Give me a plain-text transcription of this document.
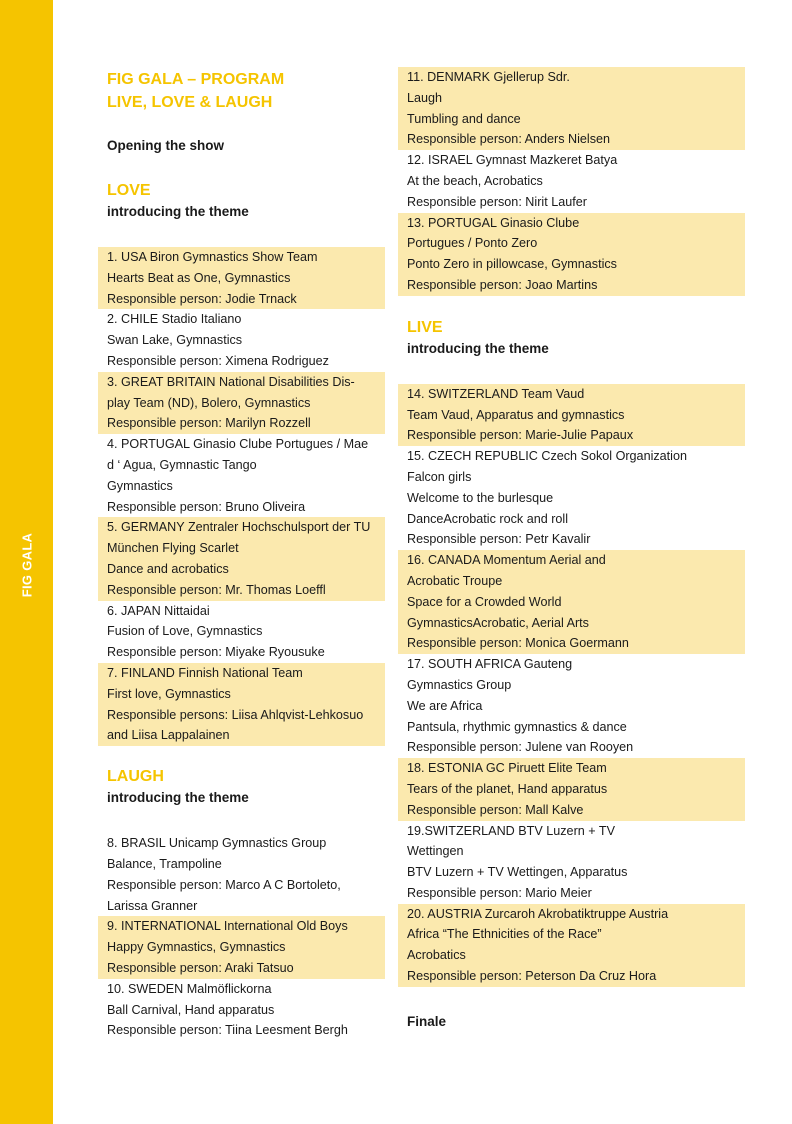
FIG GALA
FIG GALA – PROGRAM
LIVE, LOVE & LAUGH
Opening the show
LOVE
introducing the theme
1. USA Biron Gymnastics Show Team
Hearts Beat as One, Gymnastics
Responsible person: Jodie Trnack
2. CHILE Stadio Italiano
Swan Lake, Gymnastics
Responsible person: Ximena Rodriguez
3. GREAT BRITAIN National Disabilities Dis-
play Team (ND), Bolero, Gymnastics
Responsible person: Marilyn Rozzell
4. PORTUGAL Ginasio Clube Portugues / Mae
d ‘ Agua, Gymnastic Tango
Gymnastics
Responsible person: Bruno Oliveira
5. GERMANY Zentraler Hochschulsport der TU
München Flying Scarlet
Dance and acrobatics
Responsible person: Mr. Thomas Loeffl
6. JAPAN Nittaidai
Fusion of Love, Gymnastics
Responsible person: Miyake Ryousuke
7. FINLAND Finnish National Team
First love, Gymnastics
Responsible persons: Liisa Ahlqvist-Lehkosuo
and Liisa Lappalainen
LAUGH
introducing the theme
8. BRASIL Unicamp Gymnastics Group
Balance, Trampoline
Responsible person: Marco A C Bortoleto,
Larissa Granner
9. INTERNATIONAL International Old Boys
Happy Gymnastics, Gymnastics
Responsible person: Araki Tatsuo
10. SWEDEN Malmöflickorna
Ball Carnival, Hand apparatus
Responsible person: Tiina Leesment Bergh
11. DENMARK Gjellerup Sdr.
Laugh
Tumbling and dance
Responsible person: Anders Nielsen
12. ISRAEL Gymnast Mazkeret Batya
At the beach, Acrobatics
Responsible person: Nirit Laufer
13. PORTUGAL Ginasio Clube
Portugues / Ponto Zero
Ponto Zero in pillowcase, Gymnastics
Responsible person: Joao Martins
LIVE
introducing the theme
14. SWITZERLAND Team Vaud
Team Vaud, Apparatus and gymnastics
Responsible person: Marie-Julie Papaux
15. CZECH REPUBLIC Czech Sokol Organization
Falcon girls
Welcome to the burlesque
DanceAcrobatic rock and roll
Responsible person: Petr Kavalir
16. CANADA Momentum Aerial and
Acrobatic Troupe
Space for a Crowded World
GymnasticsAcrobatic, Aerial Arts
Responsible person: Monica Goermann
17. SOUTH AFRICA Gauteng
Gymnastics Group
We are Africa
Pantsula, rhythmic gymnastics & dance
Responsible person: Julene van Rooyen
18. ESTONIA GC Piruett Elite Team
Tears of the planet, Hand apparatus
Responsible person: Mall Kalve
19.SWITZERLAND BTV Luzern + TV
Wettingen
BTV Luzern + TV Wettingen, Apparatus
Responsible person: Mario Meier
20. AUSTRIA Zurcaroh Akrobatiktruppe Austria
Africa “The Ethnicities of the Race”
Acrobatics
Responsible person: Peterson Da Cruz Hora
Finale
